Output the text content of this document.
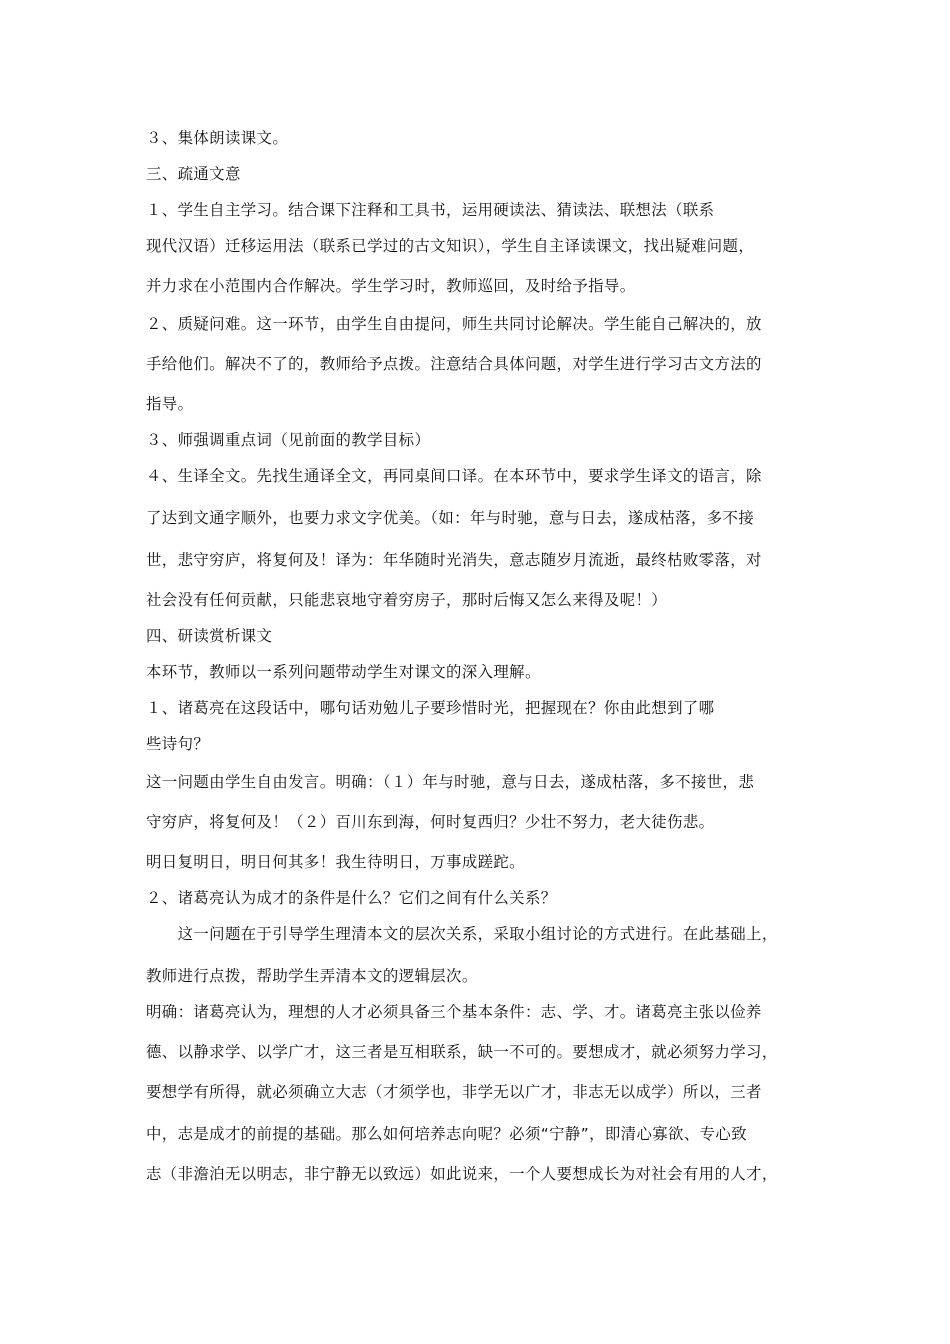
３、集体朗读课文。
三、疏通文意
１、学生自主学习。结合课下注释和工具书，运用硬读法、猜读法、联想法（联系
现代汉语）迁移运用法（联系已学过的古文知识），学生自主译读课文，找出疑难问题，
并力求在小范围内合作解决。学生学习时，教师巡回，及时给予指导。
２、质疑问难。这一环节，由学生自由提问，师生共同讨论解决。学生能自己解决的，放
手给他们。解决不了的，教师给予点拨。注意结合具体问题，对学生进行学习古文方法的
指导。
３、师强调重点词（见前面的教学目标）
４、生译全文。先找生通译全文，再同桌间口译。在本环节中，要求学生译文的语言，除
了达到文通字顺外，也要力求文字优美。（如：年与时驰，意与日去，遂成枯落，多不接
世，悲守穷庐，将复何及！译为：年华随时光消失，意志随岁月流逝，最终枯败零落，对
社会没有任何贡献，只能悲哀地守着穷房子，那时后悔又怎么来得及呢！）
四、研读赏析课文
本环节，教师以一系列问题带动学生对课文的深入理解。
１、诸葛亮在这段话中，哪句话劝勉儿子要珍惜时光，把握现在？你由此想到了哪
些诗句？
这一问题由学生自由发言。明确：（１）年与时驰，意与日去，遂成枯落，多不接世，悲
守穷庐，将复何及！（２）百川东到海，何时复西归？少壮不努力，老大徒伤悲。
明日复明日，明日何其多！我生待明日，万事成蹉跎。
２、诸葛亮认为成才的条件是什么？它们之间有什么关系？
　　这一问题在于引导学生理清本文的层次关系，采取小组讨论的方式进行。在此基础上，
教师进行点拨，帮助学生弄清本文的逻辑层次。
明确：诸葛亮认为，理想的人才必须具备三个基本条件：志、学、才。诸葛亮主张以俭养
德、以静求学、以学广才，这三者是互相联系，缺一不可的。要想成才，就必须努力学习，
要想学有所得，就必须确立大志（才须学也，非学无以广才，非志无以成学）所以，三者
中，志是成才的前提的基础。那么如何培养志向呢？必须“宁静”，即清心寡欲、专心致
志（非澹泊无以明志，非宁静无以致远）如此说来，一个人要想成长为对社会有用的人才，
